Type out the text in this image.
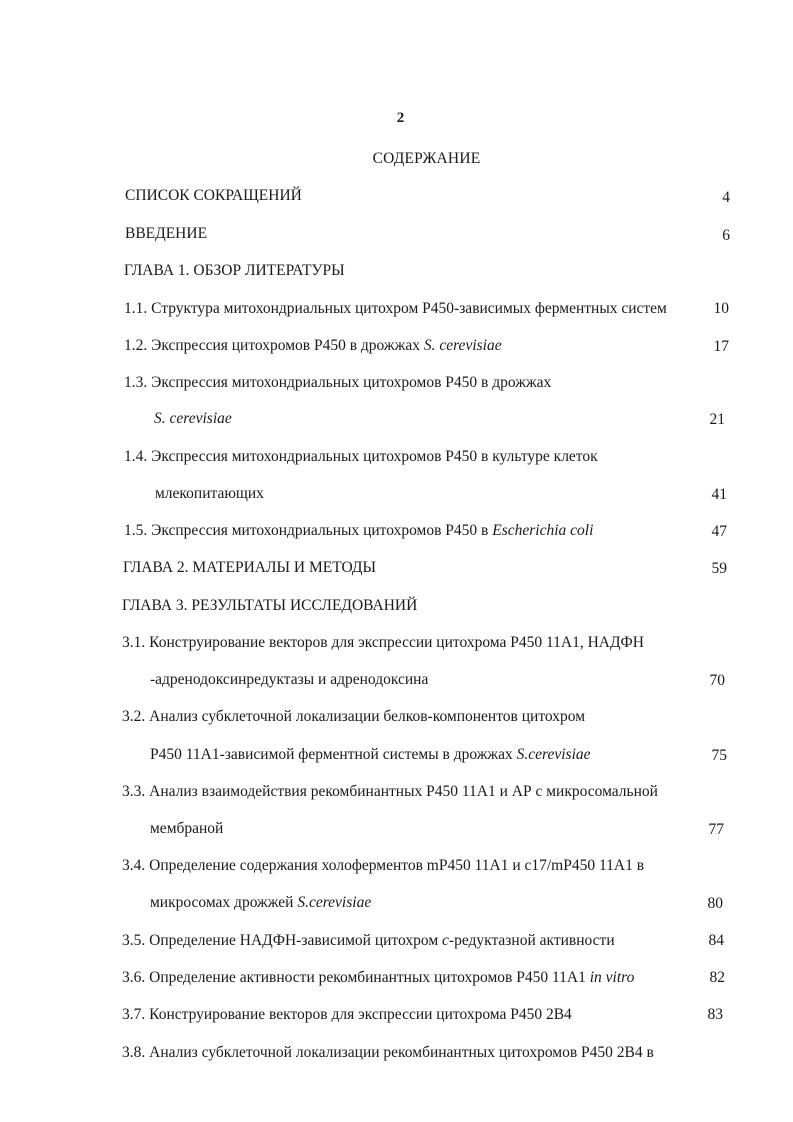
2
СОДЕРЖАНИЕ
СПИСОК СОКРАЩЕНИЙ	4
ВВЕДЕНИЕ	6
ГЛАВА 1. ОБЗОР ЛИТЕРАТУРЫ
1.1. Структура митохондриальных цитохром Р450-зависимых ферментных систем	10
1.2. Экспрессия цитохромов Р450 в дрожжах S. cerevisiae	17
1.3. Экспрессия митохондриальных цитохромов Р450 в дрожжах
S. cerevisiae	21
1.4. Экспрессия митохондриальных цитохромов Р450 в культуре клеток
млекопитающих	41
1.5. Экспрессия митохондриальных цитохромов Р450 в Escherichia coli	47
ГЛАВА 2. МАТЕРИАЛЫ И МЕТОДЫ	59
ГЛАВА 3. РЕЗУЛЬТАТЫ ИССЛЕДОВАНИЙ
3.1. Конструирование векторов для экспрессии цитохрома Р450 11А1, НАДФН
-адренодоксинредуктазы и адренодоксина	70
3.2. Анализ субклеточной локализации белков-компонентов цитохром
Р450 11А1-зависимой ферментной системы в дрожжах S.cerevisiae	75
3.3. Анализ взаимодействия рекомбинантных Р450 11А1 и АР с микросомальной
мембраной	77
3.4. Определение содержания холоферментов mP450 11A1 и c17/mP450 11A1 в
микросомах дрожжей S.cerevisiae	80
3.5. Определение НАДФН-зависимой цитохром c-редуктазной активности	84
3.6. Определение активности рекомбинантных цитохромов Р450 11А1 in vitro	82
3.7. Конструирование векторов для экспрессии цитохрома Р450 2В4	83
3.8. Анализ субклеточной локализации рекомбинантных цитохромов Р450 2В4 в
